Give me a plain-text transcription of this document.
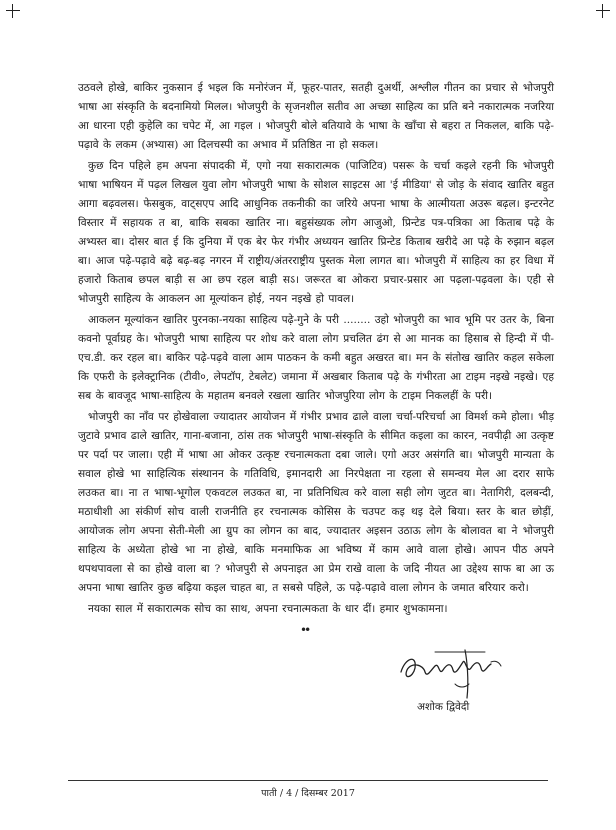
उठवले होखे, बाकिर नुकसान ई भइल कि मनोरंजन में, फूहर-पातर, सतही दुअर्थी, अश्लील गीतन का प्रचार से भोजपुरी भाषा आ संस्कृति के बदनामियो मिलल। भोजपुरी के सृजनशील सतीव आ अच्छा साहित्य का प्रति बने नकारात्मक नजरिया आ धारना एही कुहेलि का चपेट में, आ गइल । भोजपुरी बोले बतियावे के भाषा के खाँचा से बहरा त निकलल, बाकि पढ़े-पढ़ावे के लकम (अभ्यास) आ दिलचस्पी का अभाव में प्रतिष्ठित ना हो सकल।

कुछ दिन पहिले हम अपना संपादकी में, एगो नया सकारात्मक (पाजिटिव) पसरू के चर्चा कइले रहनी कि भोजपुरी भाषा भाषियन में पढ़ल लिखल युवा लोग भोजपुरी भाषा के सोशल साइटस आ 'ई मीडिया' से जोड़ के संवाद खातिर बहुत आगा बढ़वलस। फेसबुक, वाट्सएप आदि आधुनिक तकनीकी का जरिये अपना भाषा के आत्मीयता अउरू बढ़ल। इन्टरनेट विस्तार में सहायक त बा, बाकि सबका खातिर ना। बहुसंख्यक लोग आजुओ, प्रिन्टेड पत्र-पत्रिका आ किताब पढ़े के अभ्यस्त बा। दोसर बात ई कि दुनिया में एक बेर फेर गंभीर अध्ययन खातिर प्रिन्टेड किताब खरीदे आ पढ़े के रुझान बढ़ल बा। आज पढ़े-पढ़ावे बढ़े बढ़-बढ़ नगरन में राष्ट्रीय/अंतरराष्ट्रीय पुस्तक मेला लागत बा। भोजपुरी में साहित्य का हर विधा में हजारो किताब छपल बाड़ी स आ छप रहल बाड़ी सऽ। जरूरत बा ओकरा प्रचार-प्रसार आ पढ़ला-पढ़वला के। एही से भोजपुरी साहित्य के आकलन आ मूल्यांकन होई, नयन नइखे हो पावल।

आकलन मूल्यांकन खातिर पुरनका-नयका साहित्य पढ़े-गुने के परी ........ उहो भोजपुरी का भाव भूमि पर उतर के, बिना कवनो पूर्वाग्रह के। भोजपुरी भाषा साहित्य पर शोध करे वाला लोग प्रचलित ढंग से आ मानक का हिसाब से हिन्दी में पी-एच.डी. कर रहल बा। बाकिर पढ़े-पढ़वे वाला आम पाठकन के कमी बहुत अखरत बा। मन के संतोख खातिर कहल सकेला कि एफरी के इलेक्ट्रानिक (टीवी०, लेपटॉप, टेबलेट) जमाना में अखबार किताब पढ़े के गंभीरता आ टाइम नइखे नइखे। एह सब के बावजूद भाषा-साहित्य के महातम बनवले रखला खातिर भोजपुरिया लोग के टाइम निकलहीं के परी।

भोजपुरी का नाँव पर होखेवाला ज्यादातर आयोजन में गंभीर प्रभाव ढाले वाला चर्चा-परिचर्चा आ विमर्श कमे होला। भीड़ जुटावे प्रभाव ढाले खातिर, गाना-बजाना, ठांस तक भोजपुरी भाषा-संस्कृति के सीमित कइला का कारन, नवपीढ़ी आ उत्कृष्ट पर पर्दा पर जाला। एही में भाषा आ ओकर उत्कृष्ट रचनात्मकता दबा जाले। एगो अउर असंगति बा। भोजपुरी मान्यता के सवाल होखे भा साहित्यिक संस्थानन के गतिविधि, इमानदारी आ निरपेक्षता ना रहला से समन्वय मेल आ दरार साफे लउकत बा। ना त भाषा-भूगोल एकवटल लउकत बा, ना प्रतिनिधित्व करे वाला सही लोग जुटत बा। नेतागिरी, दलबन्दी, मठाधीशी आ संकीर्ण सोच वाली राजनीति हर रचनात्मक कोसिस के चउपट कइ थइ देले बिया। स्तर के बात छोड़ीं, आयोजक लोग अपना सेती-मेली आ ग्रुप का लोगन का बाद, ज्यादातर अइसन उठाऊ लोग के बोलावत बा ने भोजपुरी साहित्य के अध्येता होखे भा ना होखे, बाकि मनमाफिक आ भविष्य में काम आवे वाला होखे। आपन पीठ अपने थपथपावला से का होखे वाला बा ? भोजपुरी से अपनाइत आ प्रेम राखे वाला के जदि नीयत आ उद्देश्य साफ बा आ ऊ अपना भाषा खातिर कुछ बढ़िया कइल चाहत बा, त सबसे पहिले, ऊ पढ़े-पढ़ावे वाला लोगन के जमात बरियार करो।

नयका साल में सकारात्मक सोच का साथ, अपना रचनात्मकता के धार दीं। हमार शुभकामना।

••
अशोक द्विवेदी
पाती / 4 / दिसम्बर 2017
